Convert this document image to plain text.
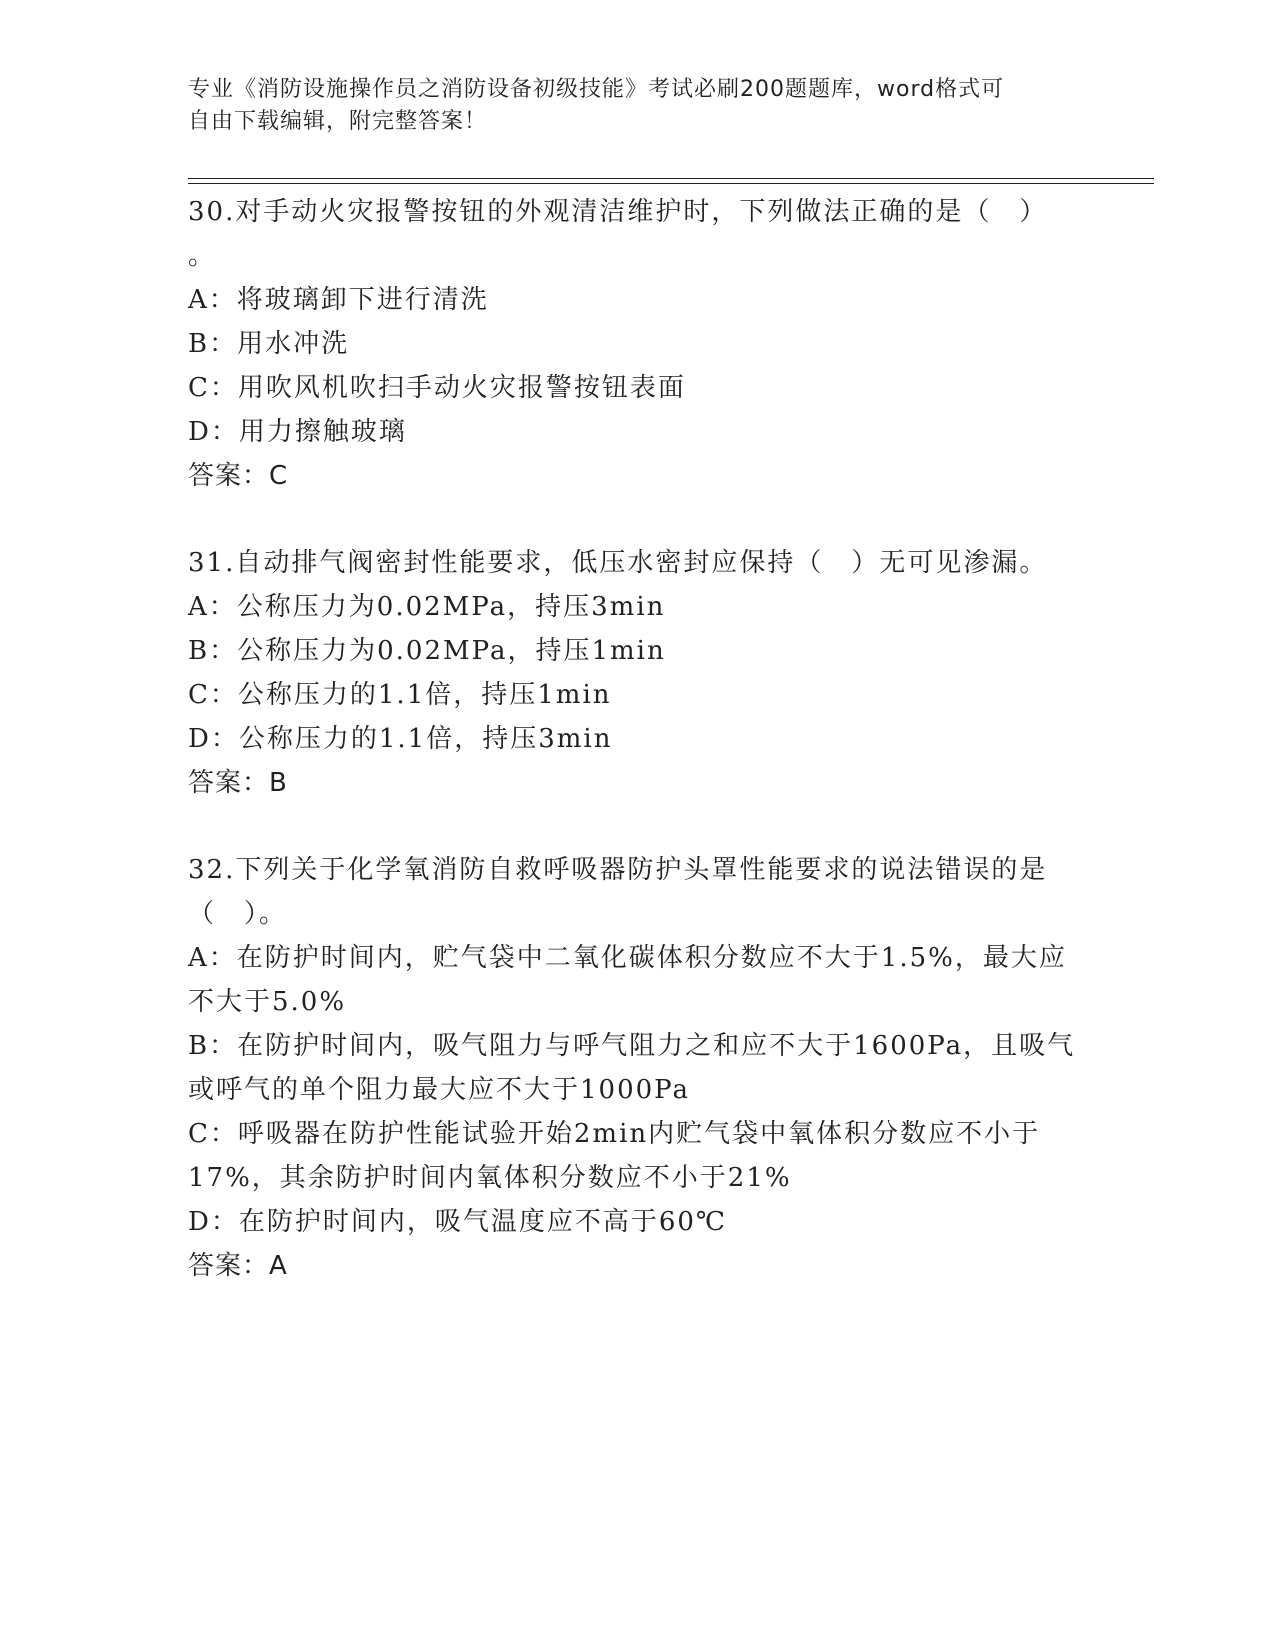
专业《消防设施操作员之消防设备初级技能》考试必刷200题题库，word格式可
自由下载编辑，附完整答案！
30.对手动火灾报警按钮的外观清洁维护时，下列做法正确的是（　）
。
A：将玻璃卸下进行清洗
B：用水冲洗
C：用吹风机吹扫手动火灾报警按钮表面
D：用力擦触玻璃
答案：C
31.自动排气阀密封性能要求，低压水密封应保持（　）无可见渗漏。
A：公称压力为0.02MPa，持压3min
B：公称压力为0.02MPa，持压1min
C：公称压力的1.1倍，持压1min
D：公称压力的1.1倍，持压3min
答案：B
32.下列关于化学氧消防自救呼吸器防护头罩性能要求的说法错误的是
（　）。
A：在防护时间内，贮气袋中二氧化碳体积分数应不大于1.5%，最大应
不大于5.0%
B：在防护时间内，吸气阻力与呼气阻力之和应不大于1600Pa，且吸气
或呼气的单个阻力最大应不大于1000Pa
C：呼吸器在防护性能试验开始2min内贮气袋中氧体积分数应不小于
17%，其余防护时间内氧体积分数应不小于21%
D：在防护时间内，吸气温度应不高于60℃
答案：A
